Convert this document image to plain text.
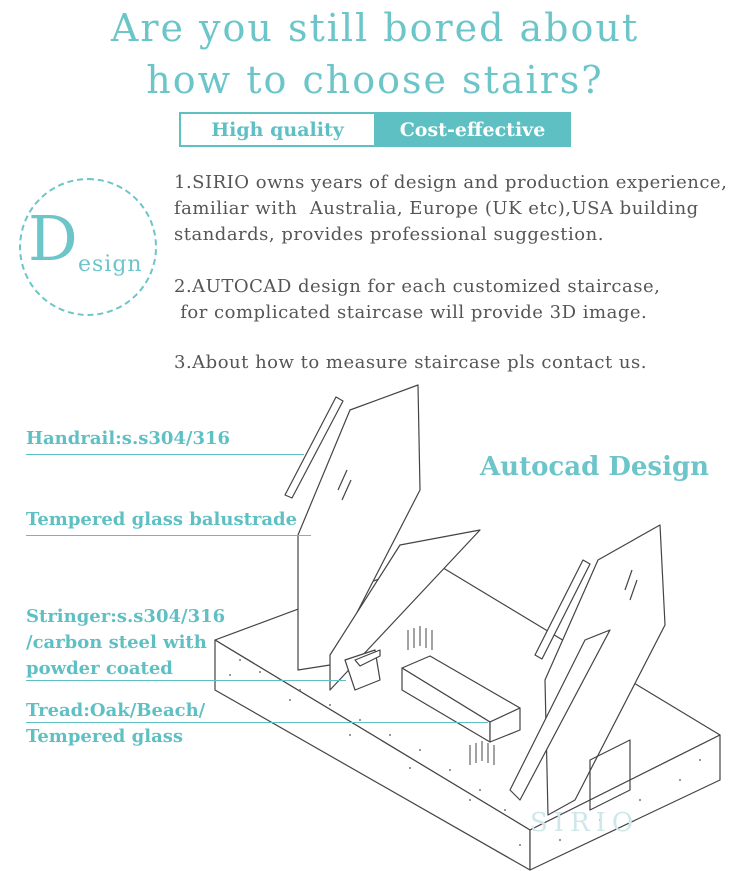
Are you still bored about
how to choose stairs?
High quality	Cost-effective
D esign
1.SIRIO owns years of design and production experience,
familiar with  Australia, Europe (UK etc),USA building
standards, provides professional suggestion.
2.AUTOCAD design for each customized staircase,
for complicated staircase will provide 3D image.
3.About how to measure staircase pls contact us.
Handrail:s.s304/316
Tempered glass balustrade
Stringer:s.s304/316
/carbon steel with
powder coated
Tread:Oak/Beach/
Tempered glass
Autocad Design
SIRIO
